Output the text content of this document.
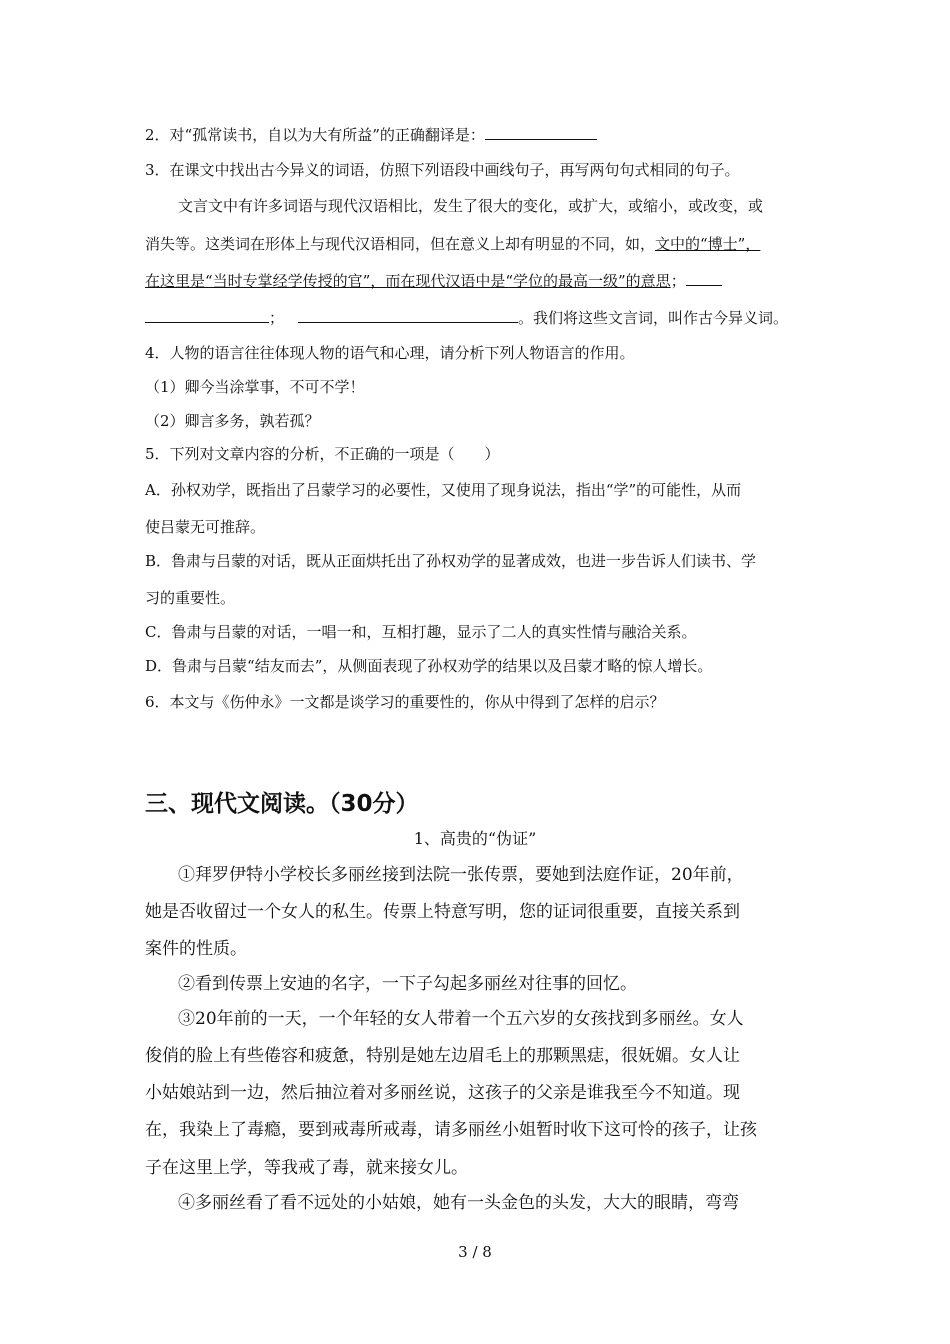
2．对“孤常读书，自以为大有所益”的正确翻译是：
3．在课文中找出古今异义的词语，仿照下列语段中画线句子，再写两句句式相同的句子。
文言文中有许多词语与现代汉语相比，发生了很大的变化，或扩大，或缩小，或改变，或
消失等。这类词在形体上与现代汉语相同，但在意义上却有明显的不同，如，文中的“博士”，
在这里是“当时专掌经学传授的官”，而在现代汉语中是“学位的最高一级”的意思；
；	。我们将这些文言词，叫作古今异义词。
4．人物的语言往往体现人物的语气和心理，请分析下列人物语言的作用。
（1）卿今当涂掌事，不可不学！
（2）卿言多务，孰若孤？
5．下列对文章内容的分析，不正确的一项是（　　）
A．孙权劝学，既指出了吕蒙学习的必要性，又使用了现身说法，指出“学”的可能性，从而
使吕蒙无可推辞。
B．鲁肃与吕蒙的对话，既从正面烘托出了孙权劝学的显著成效，也进一步告诉人们读书、学
习的重要性。
C．鲁肃与吕蒙的对话，一唱一和，互相打趣，显示了二人的真实性情与融洽关系。
D．鲁肃与吕蒙“结友而去”，从侧面表现了孙权劝学的结果以及吕蒙才略的惊人增长。
6．本文与《伤仲永》一文都是谈学习的重要性的，你从中得到了怎样的启示？
三、现代文阅读。（30分）
1、高贵的“伪证”
①拜罗伊特小学校长多丽丝接到法院一张传票，要她到法庭作证，20年前，
她是否收留过一个女人的私生。传票上特意写明，您的证词很重要，直接关系到
案件的性质。
②看到传票上安迪的名字，一下子勾起多丽丝对往事的回忆。
③20年前的一天，一个年轻的女人带着一个五六岁的女孩找到多丽丝。女人
俊俏的脸上有些倦容和疲惫，特别是她左边眉毛上的那颗黑痣，很妩媚。女人让
小姑娘站到一边，然后抽泣着对多丽丝说，这孩子的父亲是谁我至今不知道。现
在，我染上了毒瘾，要到戒毒所戒毒，请多丽丝小姐暂时收下这可怜的孩子，让孩
子在这里上学，等我戒了毒，就来接女儿。
④多丽丝看了看不远处的小姑娘，她有一头金色的头发，大大的眼睛，弯弯
3 / 8
